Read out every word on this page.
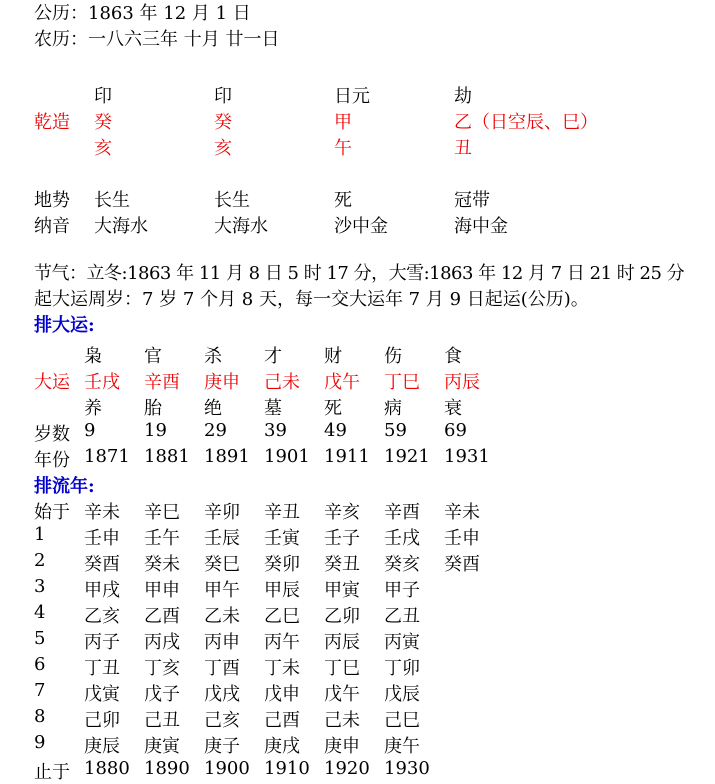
公历：1863 年 12 月 1 日
农历：一八六三年 十月 廿一日
印	印	日元	劫
乾造 癸	癸	甲	乙（日空辰、巳）
亥	亥	午	丑
地势 长生	长生	死	冠带
纳音 大海水	大海水	沙中金	海中金
节气：立冬:1863 年 11 月 8 日 5 时 17 分，大雪:1863 年 12 月 7 日 21 时 25 分
起大运周岁：7 岁 7 个月 8 天，每一交大运年 7 月 9 日起运(公历)。
排大运:
枭 官 杀 才 财 伤 食
大运 壬戌 辛酉 庚申 己未 戊午 丁巳 丙辰
养 胎 绝 墓 死 病 衰
岁数 9	19 29 39 49 59 69
年份 1871 1881 1891 1901 1911 1921 1931
排流年:
始于 辛未 辛巳 辛卯 辛丑 辛亥 辛酉 辛未
1 壬申 壬午 壬辰 壬寅 壬子 壬戌 壬申
2 癸酉 癸未 癸巳 癸卯 癸丑 癸亥 癸酉
3 甲戌 甲申 甲午 甲辰 甲寅 甲子
4 乙亥 乙酉 乙未 乙巳 乙卯 乙丑
5 丙子 丙戌 丙申 丙午 丙辰 丙寅
6 丁丑 丁亥 丁酉 丁未 丁巳 丁卯
7 戊寅 戊子 戊戌 戊申 戊午 戊辰
8 己卯 己丑 己亥 己酉 己未 己巳
9 庚辰 庚寅 庚子 庚戌 庚申 庚午
止于 1880 1890 1900 1910 1920 1930
